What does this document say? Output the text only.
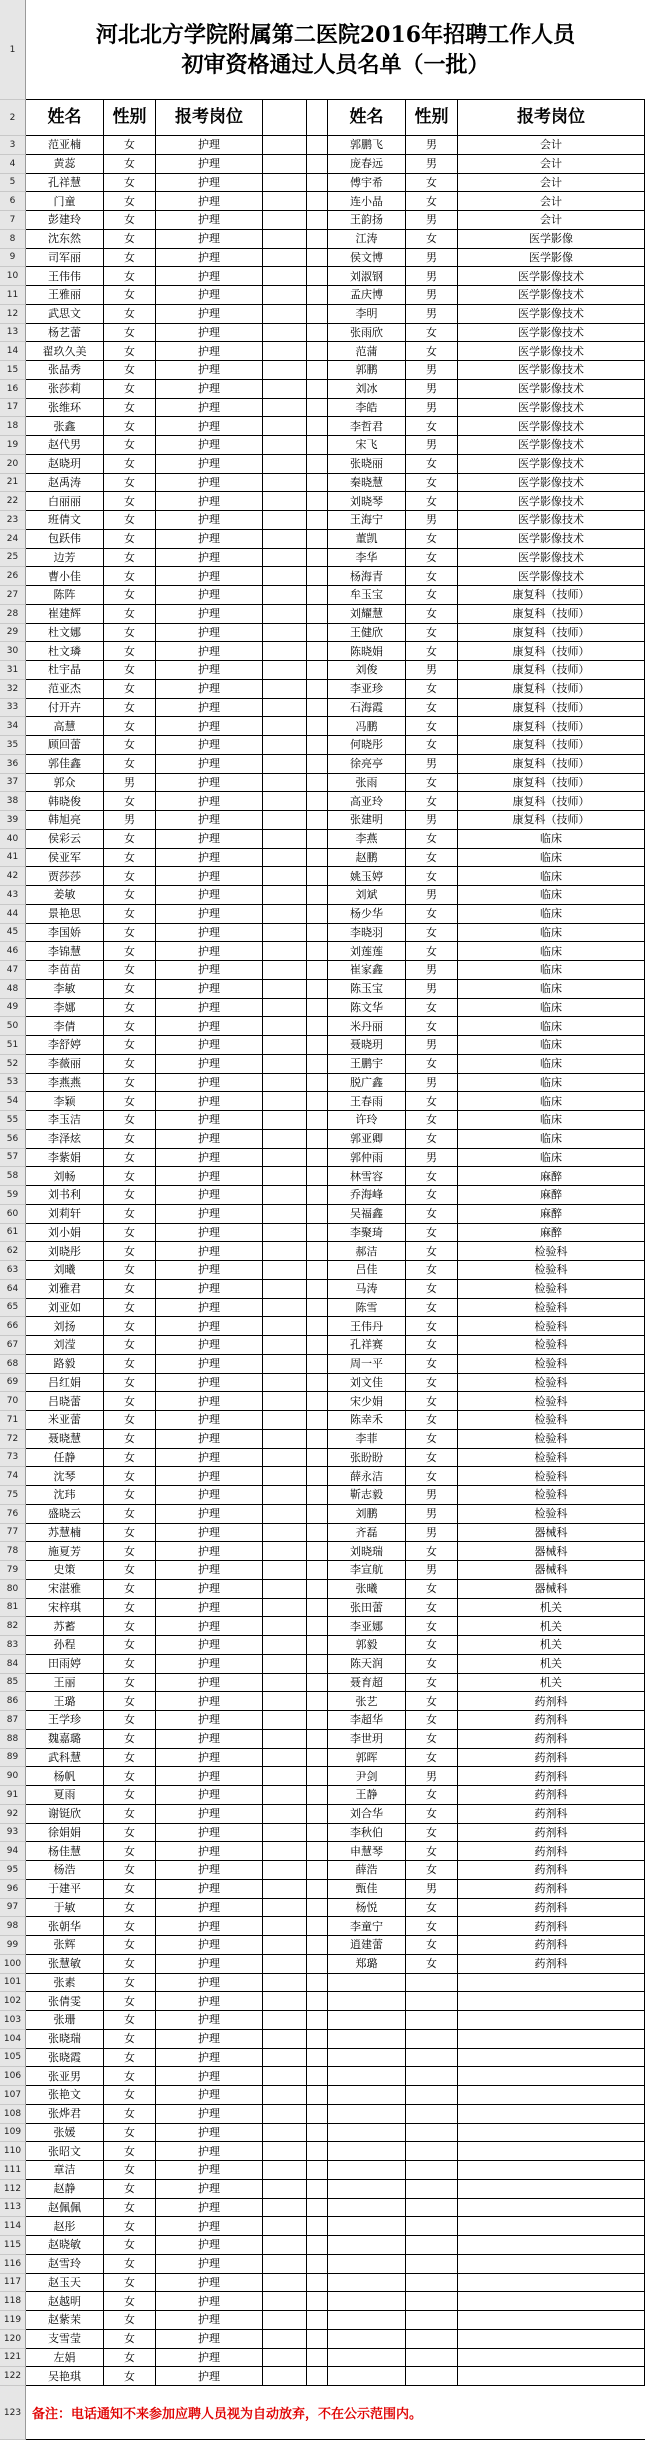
1
河北北方学院附属第二医院2016年招聘工作人员
初审资格通过人员名单（一批）
2	姓名	性别	报考岗位	姓名	性别	报考岗位
3	范亚楠	女	护理	郭鹏飞	男	会计
4	黄蕊	女	护理	庞春远	男	会计
5	孔祥慧	女	护理	傅宇希	女	会计
6	门童	女	护理	连小晶	女	会计
7	彭建玲	女	护理	王韵扬	男	会计
8	沈东然	女	护理	江涛	女	医学影像
9	司军丽	女	护理	侯文博	男	医学影像
10	王伟伟	女	护理	刘淑钢	男	医学影像技术
11	王雅丽	女	护理	孟庆博	男	医学影像技术
12	武思文	女	护理	李明	男	医学影像技术
13	杨艺蕾	女	护理	张雨欣	女	医学影像技术
14	翟玖久美	女	护理	范蒲	女	医学影像技术
15	张晶秀	女	护理	郭鹏	男	医学影像技术
16	张莎莉	女	护理	刘冰	男	医学影像技术
17	张维环	女	护理	李皓	男	医学影像技术
18	张鑫	女	护理	李哲君	女	医学影像技术
19	赵代男	女	护理	宋飞	男	医学影像技术
20	赵晓玥	女	护理	张晓丽	女	医学影像技术
21	赵禹涛	女	护理	秦晓慧	女	医学影像技术
22	白丽丽	女	护理	刘晓琴	女	医学影像技术
23	班倩文	女	护理	王海宁	男	医学影像技术
24	包跃伟	女	护理	董凯	女	医学影像技术
25	边芳	女	护理	李华	女	医学影像技术
26	曹小佳	女	护理	杨海青	女	医学影像技术
27	陈阵	女	护理	牟玉宝	女	康复科（技师）
28	崔建辉	女	护理	刘耀慧	女	康复科（技师）
29	杜文娜	女	护理	王健欣	女	康复科（技师）
30	杜文璘	女	护理	陈晓娟	女	康复科（技师）
31	杜宇晶	女	护理	刘俊	男	康复科（技师）
32	范亚杰	女	护理	李亚珍	女	康复科（技师）
33	付开卉	女	护理	石海霞	女	康复科（技师）
34	高慧	女	护理	冯鹏	女	康复科（技师）
35	顾回蕾	女	护理	何晓彤	女	康复科（技师）
36	郭佳鑫	女	护理	徐亮亭	男	康复科（技师）
37	郭众	男	护理	张雨	女	康复科（技师）
38	韩晓俊	女	护理	高亚玲	女	康复科（技师）
39	韩旭亮	男	护理	张建明	男	康复科（技师）
40	侯彩云	女	护理	李燕	女	临床
41	侯亚军	女	护理	赵鹏	女	临床
42	贾莎莎	女	护理	姚玉婷	女	临床
43	姜敏	女	护理	刘斌	男	临床
44	景艳思	女	护理	杨少华	女	临床
45	李国娇	女	护理	李晓羽	女	临床
46	李锦慧	女	护理	刘莲莲	女	临床
47	李苗苗	女	护理	崔家鑫	男	临床
48	李敏	女	护理	陈玉宝	男	临床
49	李娜	女	护理	陈文华	女	临床
50	李倩	女	护理	米丹丽	女	临床
51	李舒婷	女	护理	聂晓玥	男	临床
52	李薇丽	女	护理	王鹏宇	女	临床
53	李燕燕	女	护理	脱广鑫	男	临床
54	李颖	女	护理	王春雨	女	临床
55	李玉洁	女	护理	许玲	女	临床
56	李泽炫	女	护理	郭亚卿	女	临床
57	李紫娟	女	护理	郭仲雨	男	临床
58	刘畅	女	护理	林雪容	女	麻醉
59	刘书利	女	护理	乔海峰	女	麻醉
60	刘莉轩	女	护理	吴福鑫	女	麻醉
61	刘小娟	女	护理	李聚琦	女	麻醉
62	刘晓彤	女	护理	郝洁	女	检验科
63	刘曦	女	护理	吕佳	女	检验科
64	刘雅君	女	护理	马涛	女	检验科
65	刘亚如	女	护理	陈雪	女	检验科
66	刘扬	女	护理	王伟丹	女	检验科
67	刘滢	女	护理	孔祥赛	女	检验科
68	路毅	女	护理	周一平	女	检验科
69	吕红娟	女	护理	刘文佳	女	检验科
70	吕晓蕾	女	护理	宋少娟	女	检验科
71	米亚蕾	女	护理	陈幸禾	女	检验科
72	聂晓慧	女	护理	李菲	女	检验科
73	任静	女	护理	张盼盼	女	检验科
74	沈琴	女	护理	薛永洁	女	检验科
75	沈玮	女	护理	靳志毅	男	检验科
76	盛晓云	女	护理	刘鹏	男	检验科
77	苏慧楠	女	护理	齐磊	男	器械科
78	施夏芳	女	护理	刘晓瑞	女	器械科
79	史策	女	护理	李宣航	男	器械科
80	宋湛雅	女	护理	张曦	女	器械科
81	宋梓琪	女	护理	张田蕾	女	机关
82	苏蓄	女	护理	李亚娜	女	机关
83	孙程	女	护理	郭毅	女	机关
84	田雨婷	女	护理	陈天润	女	机关
85	王丽	女	护理	聂育超	女	机关
86	王璐	女	护理	张艺	女	药剂科
87	王学珍	女	护理	李超华	女	药剂科
88	魏嘉璐	女	护理	李世玥	女	药剂科
89	武科慧	女	护理	郭晖	女	药剂科
90	杨帆	女	护理	尹剑	男	药剂科
91	夏雨	女	护理	王静	女	药剂科
92	谢铤欣	女	护理	刘合华	女	药剂科
93	徐娟娟	女	护理	李秋伯	女	药剂科
94	杨佳慧	女	护理	申慧琴	女	药剂科
95	杨浩	女	护理	薛浩	女	药剂科
96	于建平	女	护理	甄佳	男	药剂科
97	于敏	女	护理	杨悦	女	药剂科
98	张朝华	女	护理	李童宁	女	药剂科
99	张辉	女	护理	逍建蕾	女	药剂科
100	张慧敏	女	护理	郑璐	女	药剂科
101	张素	女	护理
102	张倩雯	女	护理
103	张珊	女	护理
104	张晓瑞	女	护理
105	张晓霞	女	护理
106	张亚男	女	护理
107	张艳文	女	护理
108	张烨君	女	护理
109	张媛	女	护理
110	张昭文	女	护理
111	章洁	女	护理
112	赵静	女	护理
113	赵佩佩	女	护理
114	赵彤	女	护理
115	赵晓敏	女	护理
116	赵雪玲	女	护理
117	赵玉天	女	护理
118	赵越明	女	护理
119	赵紫茉	女	护理
120	支雪莹	女	护理
121	左娟	女	护理
122	吴艳琪	女	护理
123 备注：电话通知不来参加应聘人员视为自动放弃，不在公示范围内。
